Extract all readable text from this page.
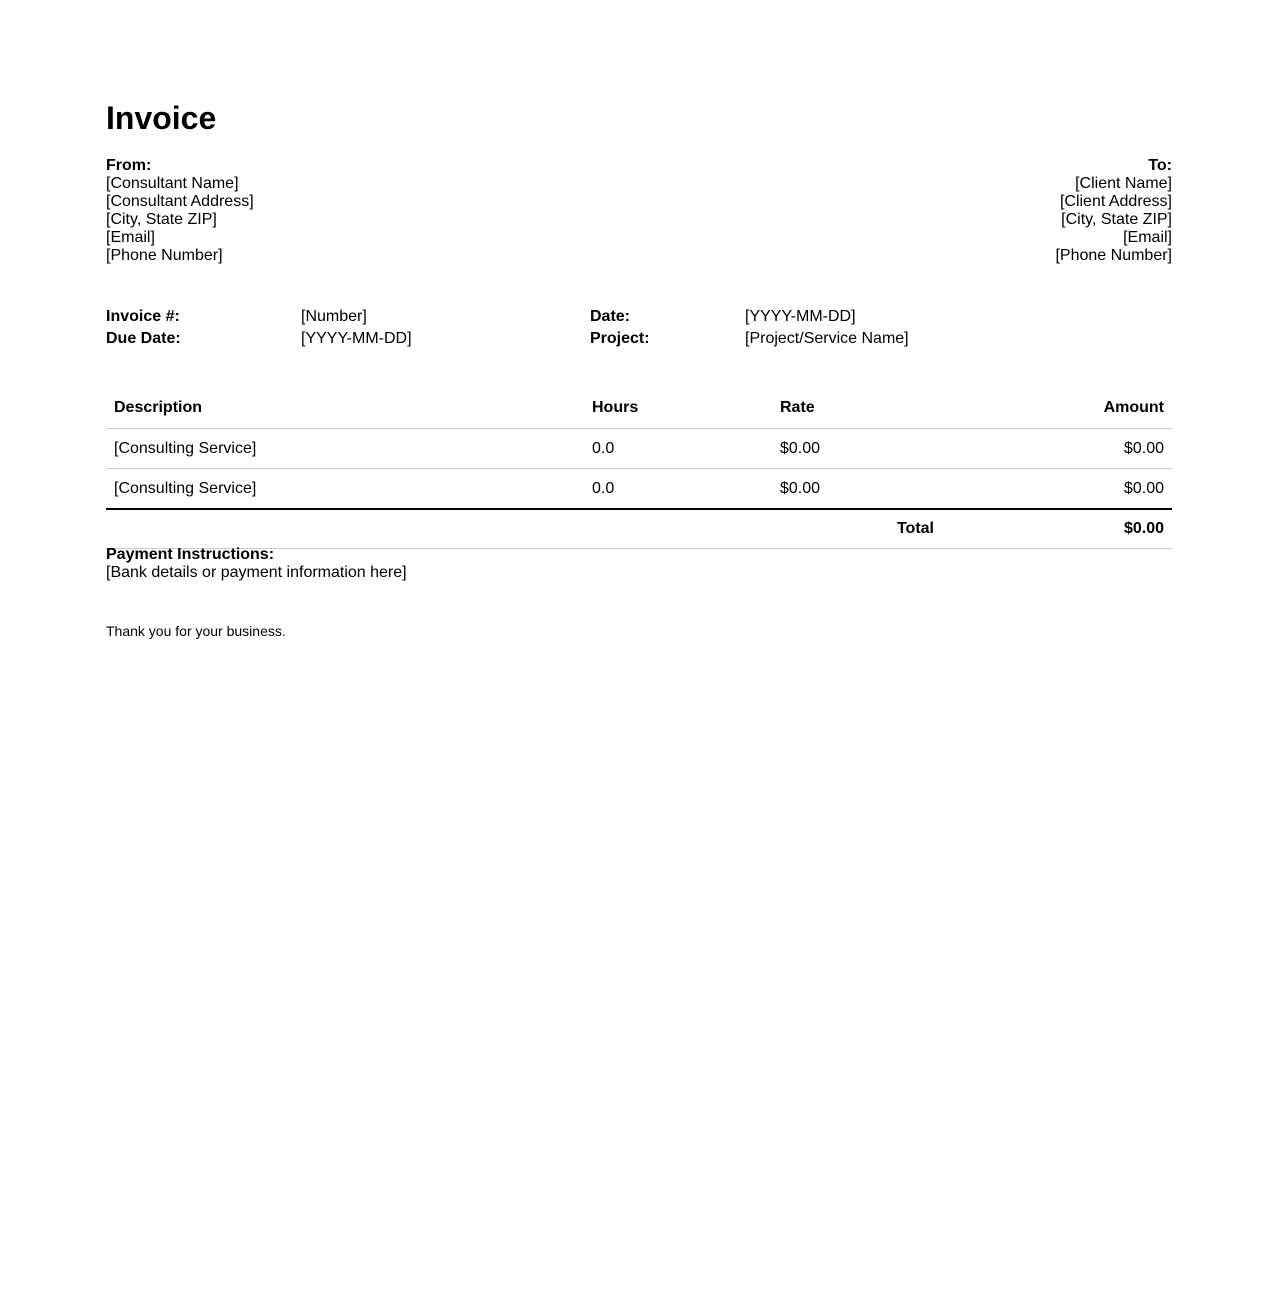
Invoice
From:
[Consultant Name]
[Consultant Address]
[City, State ZIP]
[Email]
[Phone Number]
To:
[Client Name]
[Client Address]
[City, State ZIP]
[Email]
[Phone Number]
Invoice #:	[Number]	Date:	[YYYY-MM-DD]
Due Date:	[YYYY-MM-DD]	Project:	[Project/Service Name]
Description	Hours	Rate	Amount
[Consulting Service]	0.0	$0.00	$0.00
[Consulting Service]	0.0	$0.00	$0.00
		Total	$0.00
Payment Instructions:
[Bank details or payment information here]
Thank you for your business.
